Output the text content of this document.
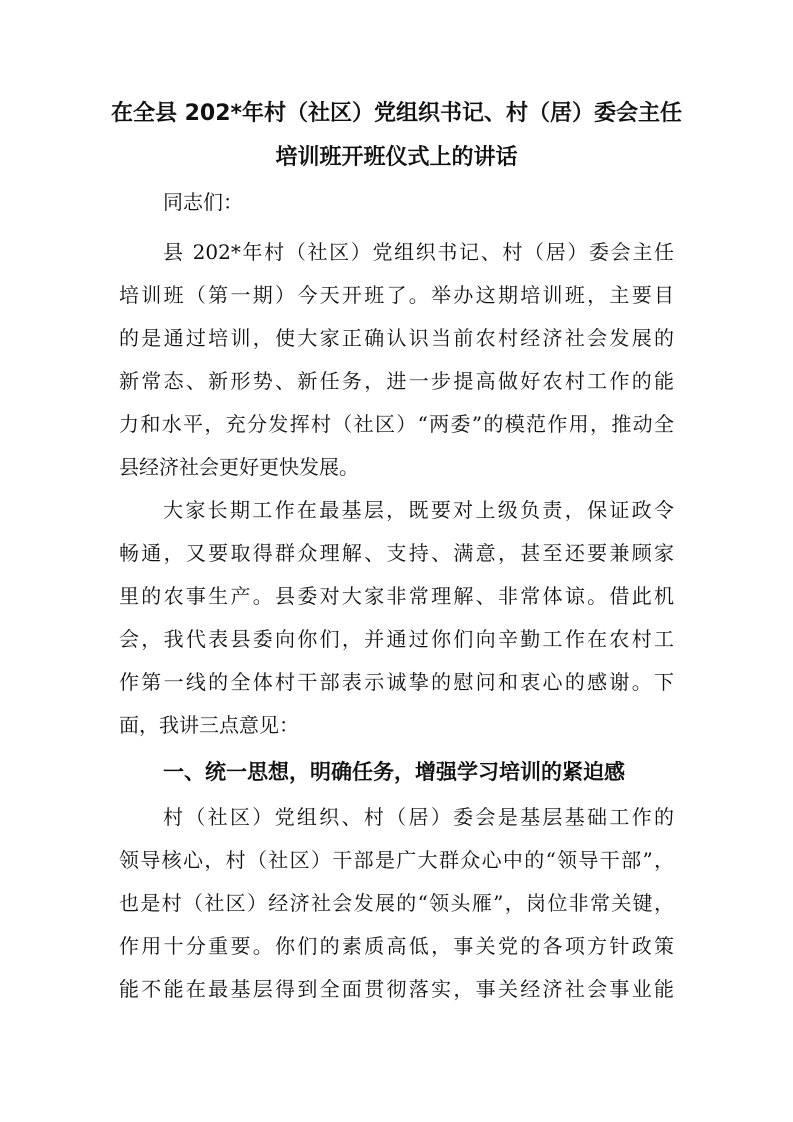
在全县 202*年村（社区）党组织书记、村（居）委会主任
培训班开班仪式上的讲话
同志们：
县 202*年村（社区）党组织书记、村（居）委会主任
培训班（第一期）今天开班了。举办这期培训班，主要目
的是通过培训，使大家正确认识当前农村经济社会发展的
新常态、新形势、新任务，进一步提高做好农村工作的能
力和水平，充分发挥村（社区）“两委”的模范作用，推动全
县经济社会更好更快发展。
大家长期工作在最基层，既要对上级负责，保证政令
畅通，又要取得群众理解、支持、满意，甚至还要兼顾家
里的农事生产。县委对大家非常理解、非常体谅。借此机
会，我代表县委向你们，并通过你们向辛勤工作在农村工
作第一线的全体村干部表示诚挚的慰问和衷心的感谢。下
面，我讲三点意见：
一、统一思想，明确任务，增强学习培训的紧迫感
村（社区）党组织、村（居）委会是基层基础工作的
领导核心，村（社区）干部是广大群众心中的“领导干部”，
也是村（社区）经济社会发展的“领头雁”，岗位非常关键，
作用十分重要。你们的素质高低，事关党的各项方针政策
能不能在最基层得到全面贯彻落实，事关经济社会事业能
